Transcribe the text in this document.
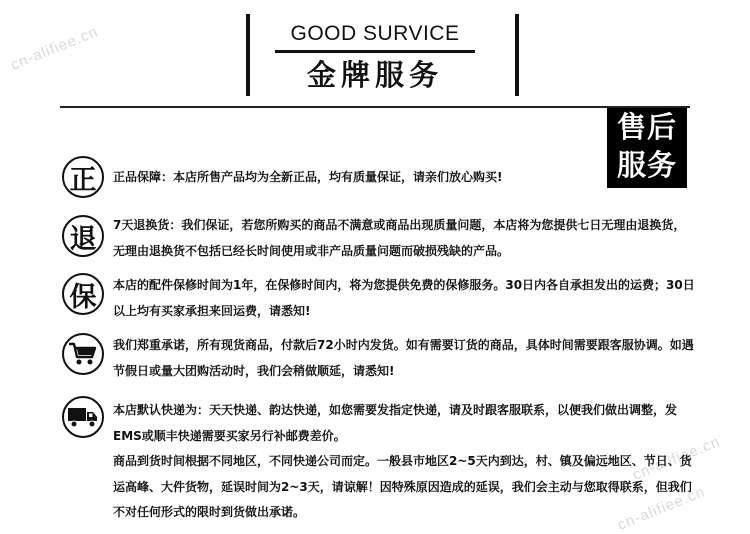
cn-alifiee.cn
cn-alifiee.cn
cn-alifiee.cn
GOOD SURVICE
金牌服务
售后
服务
正	正品保障：本店所售产品均为全新正品，均有质量保证，请亲们放心购买!
退	7天退换货：我们保证，若您所购买的商品不满意或商品出现质量问题，本店将为您提供七日无理由退换货，无理由退换货不包括已经长时间使用或非产品质量问题而破损残缺的产品。
保	本店的配件保修时间为1年，在保修时间内，将为您提供免费的保修服务。30日内各自承担发出的运费；30日以上均有买家承担来回运费，请悉知!
我们郑重承诺，所有现货商品，付款后72小时内发货。如有需要订货的商品，具体时间需要跟客服协调。如遇节假日或量大团购活动时，我们会稍做顺延，请悉知!
本店默认快递为：天天快递、韵达快递，如您需要发指定快递，请及时跟客服联系，以便我们做出调整，发EMS或顺丰快递需要买家另行补邮费差价。
商品到货时间根据不同地区，不同快递公司而定。一般县市地区2~5天内到达，村、镇及偏远地区、节日、货运高峰、大件货物，延误时间为2~3天，请谅解！因特殊原因造成的延误，我们会主动与您取得联系，但我们不对任何形式的限时到货做出承诺。
